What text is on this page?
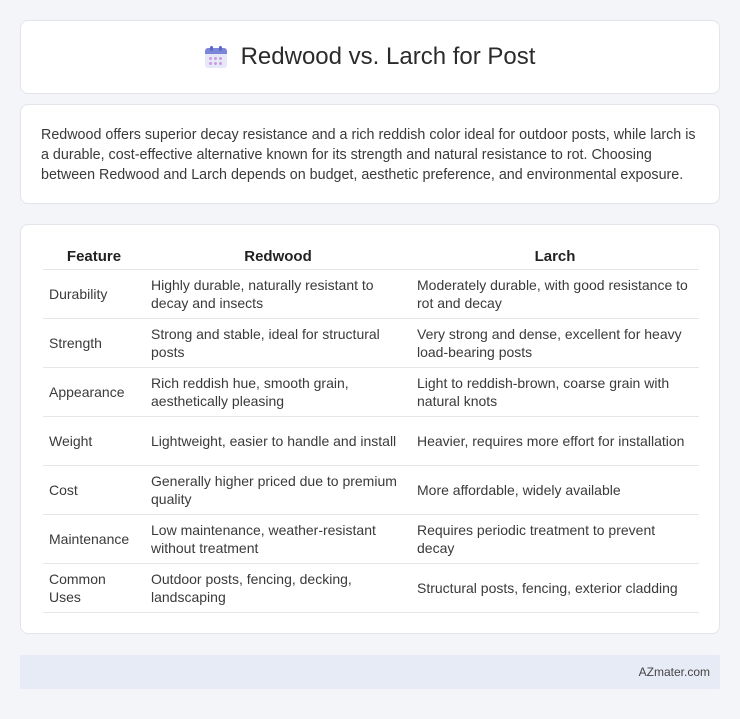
Redwood vs. Larch for Post

Redwood offers superior decay resistance and a rich reddish color ideal for outdoor posts, while larch is a durable, cost-effective alternative known for its strength and natural resistance to rot. Choosing between Redwood and Larch depends on budget, aesthetic preference, and environmental exposure.

Feature	Redwood	Larch
Durability	Highly durable, naturally resistant to decay and insects	Moderately durable, with good resistance to rot and decay
Strength	Strong and stable, ideal for structural posts	Very strong and dense, excellent for heavy load-bearing posts
Appearance	Rich reddish hue, smooth grain, aesthetically pleasing	Light to reddish-brown, coarse grain with natural knots
Weight	Lightweight, easier to handle and install	Heavier, requires more effort for installation
Cost	Generally higher priced due to premium quality	More affordable, widely available
Maintenance	Low maintenance, weather-resistant without treatment	Requires periodic treatment to prevent decay
Common Uses	Outdoor posts, fencing, decking, landscaping	Structural posts, fencing, exterior cladding
AZmater.com
